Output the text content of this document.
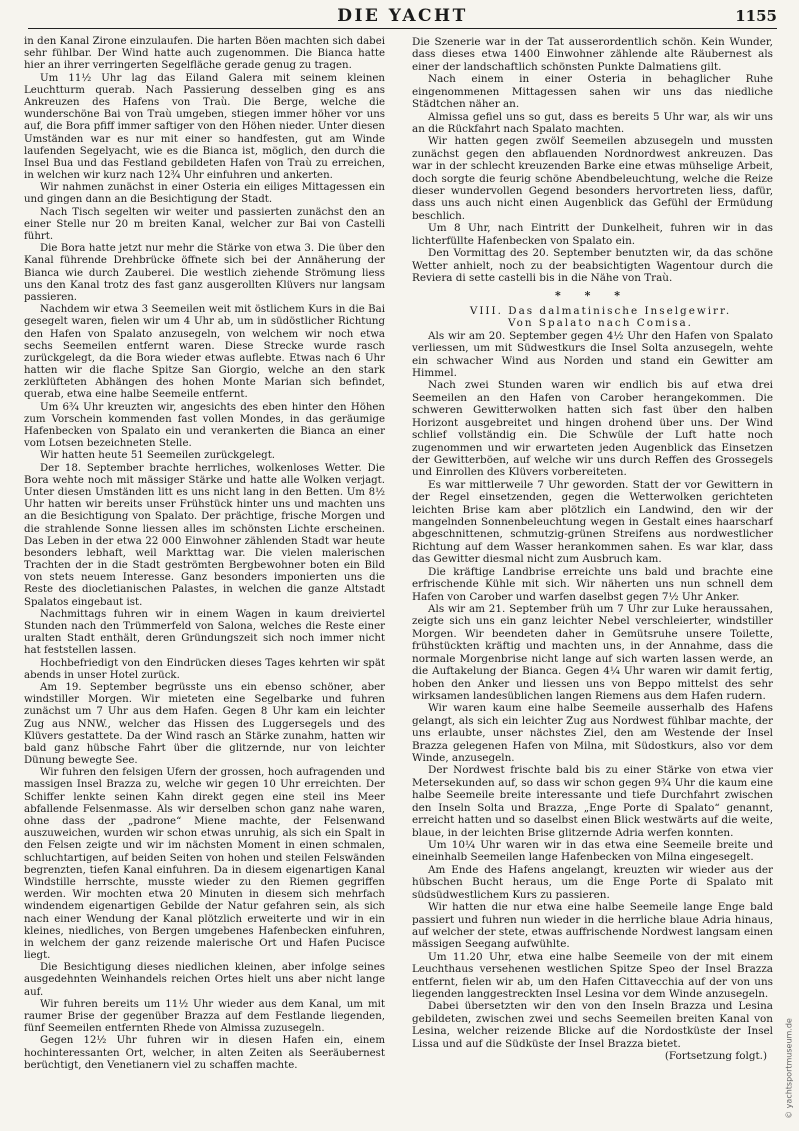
DIE YACHT	1155

in den Kanal Zirone einzulaufen. Die harten Böen machten sich dabei sehr fühlbar. Der Wind hatte auch zugenommen. Die Bianca hatte hier an ihrer verringerten Segelfläche gerade genug zu tragen.

Um 11½ Uhr lag das Eiland Galera mit seinem kleinen Leuchtturm querab. Nach Passierung desselben ging es ans Ankreuzen des Hafens von Traù. Die Berge, welche die wunderschöne Bai von Traù umgeben, stiegen immer höher vor uns auf, die Bora pfiff immer saftiger von den Höhen nieder. Unter diesen Umständen war es nur mit einer so handfesten, gut am Winde laufenden Segelyacht, wie es die Bianca ist, möglich, den durch die Insel Bua und das Festland gebildeten Hafen von Traù zu erreichen, in welchen wir kurz nach 12¾ Uhr einfuhren und ankerten.

Wir nahmen zunächst in einer Osteria ein eiliges Mittagessen ein und gingen dann an die Besichtigung der Stadt.

Nach Tisch segelten wir weiter und passierten zunächst den an einer Stelle nur 20 m breiten Kanal, welcher zur Bai von Castelli führt.

Die Bora hatte jetzt nur mehr die Stärke von etwa 3. Die über den Kanal führende Drehbrücke öffnete sich bei der Annäherung der Bianca wie durch Zauberei. Die westlich ziehende Strömung liess uns den Kanal trotz des fast ganz ausgerollten Klüvers nur langsam passieren.

Nachdem wir etwa 3 Seemeilen weit mit östlichem Kurs in die Bai gesegelt waren, fielen wir um 4 Uhr ab, um in südöstlicher Richtung den Hafen von Spalato anzusegeln, von welchem wir noch etwa sechs Seemeilen entfernt waren. Diese Strecke wurde rasch zurückgelegt, da die Bora wieder etwas auflebte. Etwas nach 6 Uhr hatten wir die flache Spitze San Giorgio, welche an den stark zerklüfteten Abhängen des hohen Monte Marian sich befindet, querab, etwa eine halbe Seemeile entfernt.

Um 6¾ Uhr kreuzten wir, angesichts des eben hinter den Höhen zum Vorschein kommenden fast vollen Mondes, in das geräumige Hafenbecken von Spalato ein und verankerten die Bianca an einer vom Lotsen bezeichneten Stelle.

Wir hatten heute 51 Seemeilen zurückgelegt.

Der 18. September brachte herrliches, wolkenloses Wetter. Die Bora wehte noch mit mässiger Stärke und hatte alle Wolken verjagt. Unter diesen Umständen litt es uns nicht lang in den Betten. Um 8½ Uhr hatten wir bereits unser Frühstück hinter uns und machten uns an die Besichtigung von Spalato. Der prächtige, frische Morgen und die strahlende Sonne liessen alles im schönsten Lichte erscheinen. Das Leben in der etwa 22 000 Einwohner zählenden Stadt war heute besonders lebhaft, weil Markttag war. Die vielen malerischen Trachten der in die Stadt geströmten Bergbewohner boten ein Bild von stets neuem Interesse. Ganz besonders imponierten uns die Reste des diocletianischen Palastes, in welchen die ganze Altstadt Spalatos eingebaut ist.

Nachmittags fuhren wir in einem Wagen in kaum dreiviertel Stunden nach den Trümmerfeld von Salona, welches die Reste einer uralten Stadt enthält, deren Gründungszeit sich noch immer nicht hat feststellen lassen.

Hochbefriedigt von den Eindrücken dieses Tages kehrten wir spät abends in unser Hotel zurück.

Am 19. September begrüsste uns ein ebenso schöner, aber windstiller Morgen. Wir mieteten eine Segelbarke und fuhren zunächst um 7 Uhr aus dem Hafen. Gegen 8 Uhr kam ein leichter Zug aus NNW., welcher das Hissen des Luggersegels und des Klüvers gestattete. Da der Wind rasch an Stärke zunahm, hatten wir bald ganz hübsche Fahrt über die glitzernde, nur von leichter Dünung bewegte See.

Wir fuhren den felsigen Ufern der grossen, hoch aufragenden und massigen Insel Brazza zu, welche wir gegen 10 Uhr erreichten. Der Schiffer lenkte seinen Kahn direkt gegen eine steil ins Meer abfallende Felsenmasse. Als wir derselben schon ganz nahe waren, ohne dass der „padrone“ Miene machte, der Felsenwand auszuweichen, wurden wir schon etwas unruhig, als sich ein Spalt in den Felsen zeigte und wir im nächsten Moment in einen schmalen, schluchtartigen, auf beiden Seiten von hohen und steilen Felswänden begrenzten, tiefen Kanal einfuhren. Da in diesem eigenartigen Kanal Windstille herrschte, musste wieder zu den Riemen gegriffen werden. Wir mochten etwa 20 Minuten in diesem sich mehrfach windendem eigenartigen Gebilde der Natur gefahren sein, als sich nach einer Wendung der Kanal plötzlich erweiterte und wir in ein kleines, niedliches, von Bergen umgebenes Hafenbecken einfuhren, in welchem der ganz reizende malerische Ort und Hafen Pucisce liegt.

Die Besichtigung dieses niedlichen kleinen, aber infolge seines ausgedehnten Weinhandels reichen Ortes hielt uns aber nicht lange auf.

Wir fuhren bereits um 11½ Uhr wieder aus dem Kanal, um mit raumer Brise der gegenüber Brazza auf dem Festlande liegenden, fünf Seemeilen entfernten Rhede von Almissa zuzusegeln.

Gegen 12½ Uhr fuhren wir in diesen Hafen ein, einem hochinteressanten Ort, welcher, in alten Zeiten als Seeräubernest berüchtigt, den Venetianern viel zu schaffen machte.

Die Szenerie war in der Tat ausserordentlich schön. Kein Wunder, dass dieses etwa 1400 Einwohner zählende alte Räubernest als einer der landschaftlich schönsten Punkte Dalmatiens gilt.

Nach einem in einer Osteria in behaglicher Ruhe eingenommenen Mittagessen sahen wir uns das niedliche Städtchen näher an.

Almissa gefiel uns so gut, dass es bereits 5 Uhr war, als wir uns an die Rückfahrt nach Spalato machten.

Wir hatten gegen zwölf Seemeilen abzusegeln und mussten zunächst gegen den abflauenden Nordnordwest ankreuzen. Das war in der schlecht kreuzenden Barke eine etwas mühselige Arbeit, doch sorgte die feurig schöne Abendbeleuchtung, welche die Reize dieser wundervollen Gegend besonders hervortreten liess, dafür, dass uns auch nicht einen Augenblick das Gefühl der Ermüdung beschlich.

Um 8 Uhr, nach Eintritt der Dunkelheit, fuhren wir in das lichterfüllte Hafenbecken von Spalato ein.

Den Vormittag des 20. September benutzten wir, da das schöne Wetter anhielt, noch zu der beabsichtigten Wagentour durch die Reviera di sette castelli bis in die Nähe von Traù.

* * *

VIII. Das dalmatinische Inselgewirr.

Von Spalato nach Comisa.

Als wir am 20. September gegen 4½ Uhr den Hafen von Spalato verliessen, um mit Südwestkurs die Insel Solta anzusegeln, wehte ein schwacher Wind aus Norden und stand ein Gewitter am Himmel.

Nach zwei Stunden waren wir endlich bis auf etwa drei Seemeilen an den Hafen von Carober herangekommen. Die schweren Gewitterwolken hatten sich fast über den halben Horizont ausgebreitet und hingen drohend über uns. Der Wind schlief vollständig ein. Die Schwüle der Luft hatte noch zugenommen und wir erwarteten jeden Augenblick das Einsetzen der Gewitterböen, auf welche wir uns durch Reffen des Grossegels und Einrollen des Klüvers vorbereiteten.

Es war mittlerweile 7 Uhr geworden. Statt der vor Gewittern in der Regel einsetzenden, gegen die Wetterwolken gerichteten leichten Brise kam aber plötzlich ein Landwind, den wir der mangelnden Sonnenbeleuchtung wegen in Gestalt eines haarscharf abgeschnittenen, schmutzig-grünen Streifens aus nordwestlicher Richtung auf dem Wasser herankommen sahen. Es war klar, dass das Gewitter diesmal nicht zum Ausbruch kam.

Die kräftige Landbrise erreichte uns bald und brachte eine erfrischende Kühle mit sich. Wir näherten uns nun schnell dem Hafen von Carober und warfen daselbst gegen 7½ Uhr Anker.

Als wir am 21. September früh um 7 Uhr zur Luke heraussahen, zeigte sich uns ein ganz leichter Nebel verschleierter, windstiller Morgen. Wir beendeten daher in Gemütsruhe unsere Toilette, frühstückten kräftig und machten uns, in der Annahme, dass die normale Morgenbrise nicht lange auf sich warten lassen werde, an die Auftakelung der Bianca. Gegen 4¼ Uhr waren wir damit fertig, hoben den Anker und liessen uns von Beppo mittelst des sehr wirksamen landesüblichen langen Riemens aus dem Hafen rudern.

Wir waren kaum eine halbe Seemeile ausserhalb des Hafens gelangt, als sich ein leichter Zug aus Nordwest fühlbar machte, der uns erlaubte, unser nächstes Ziel, den am Westende der Insel Brazza gelegenen Hafen von Milna, mit Südostkurs, also vor dem Winde, anzusegeln.

Der Nordwest frischte bald bis zu einer Stärke von etwa vier Metersekunden auf, so dass wir schon gegen 9¾ Uhr die kaum eine halbe Seemeile breite interessante und tiefe Durchfahrt zwischen den Inseln Solta und Brazza, „Enge Porte di Spalato“ genannt, erreicht hatten und so daselbst einen Blick westwärts auf die weite, blaue, in der leichten Brise glitzernde Adria werfen konnten.

Um 10¼ Uhr waren wir in das etwa eine Seemeile breite und eineinhalb Seemeilen lange Hafenbecken von Milna eingesegelt.

Am Ende des Hafens angelangt, kreuzten wir wieder aus der hübschen Bucht heraus, um die Enge Porte di Spalato mit südsüdwestlichem Kurs zu passieren.

Wir hatten die nur etwa eine halbe Seemeile lange Enge bald passiert und fuhren nun wieder in die herrliche blaue Adria hinaus, auf welcher der stete, etwas auffrischende Nordwest langsam einen mässigen Seegang aufwühlte.

Um 11.20 Uhr, etwa eine halbe Seemeile von der mit einem Leuchthaus versehenen westlichen Spitze Speo der Insel Brazza entfernt, fielen wir ab, um den Hafen Cittavecchia auf der von uns liegenden langgestreckten Insel Lesina vor dem Winde anzusegeln.

Dabei übersetzten wir den von den Inseln Brazza und Lesina gebildeten, zwischen zwei und sechs Seemeilen breiten Kanal von Lesina, welcher reizende Blicke auf die Nordostküste der Insel Lissa und auf die Südküste der Insel Brazza bietet.

(Fortsetzung folgt.)	© yachtsportmuseum.de
